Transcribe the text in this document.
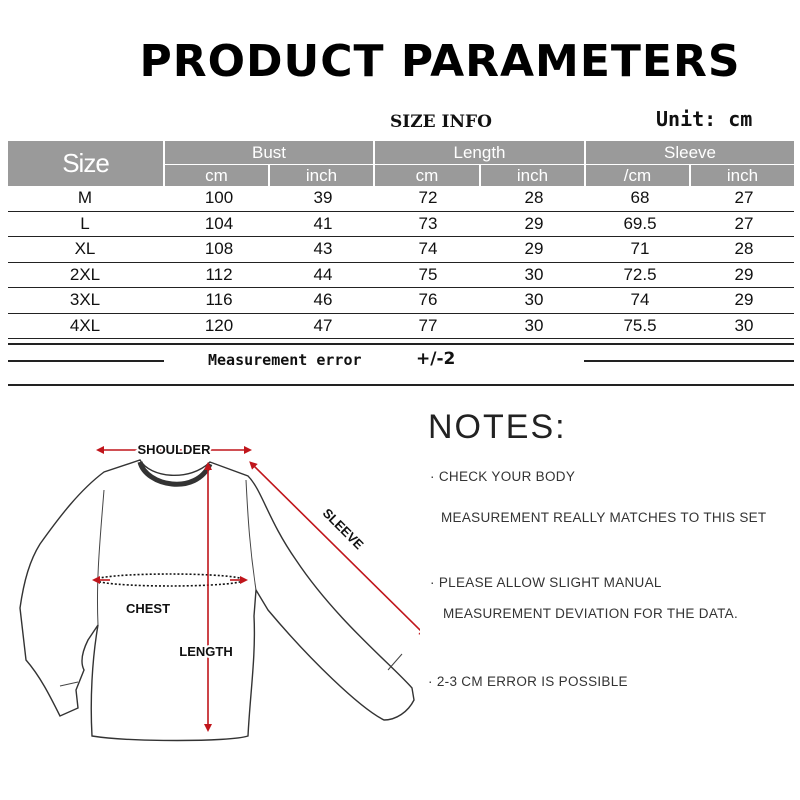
PRODUCT PARAMETERS
SIZE INFO	Unit: cm
Size	Bust	Length	Sleeve
cm	inch	cm	inch	/cm	inch
M	100	39	72	28	68	27
L	104	41	73	29	69.5	27
XL	108	43	74	29	71	28
2XL	112	44	75	30	72.5	29
3XL	116	46	76	30	74	29
4XL	120	47	77	30	75.5	30
Measurement error	+/-2
NOTES:
· CHECK YOUR BODY
MEASUREMENT REALLY MATCHES TO THIS SET
· PLEASE ALLOW SLIGHT MANUAL
MEASUREMENT DEVIATION FOR THE DATA.
· 2-3 CM ERROR IS POSSIBLE
SHOULDER
SLEEVE
CHEST
LENGTH
